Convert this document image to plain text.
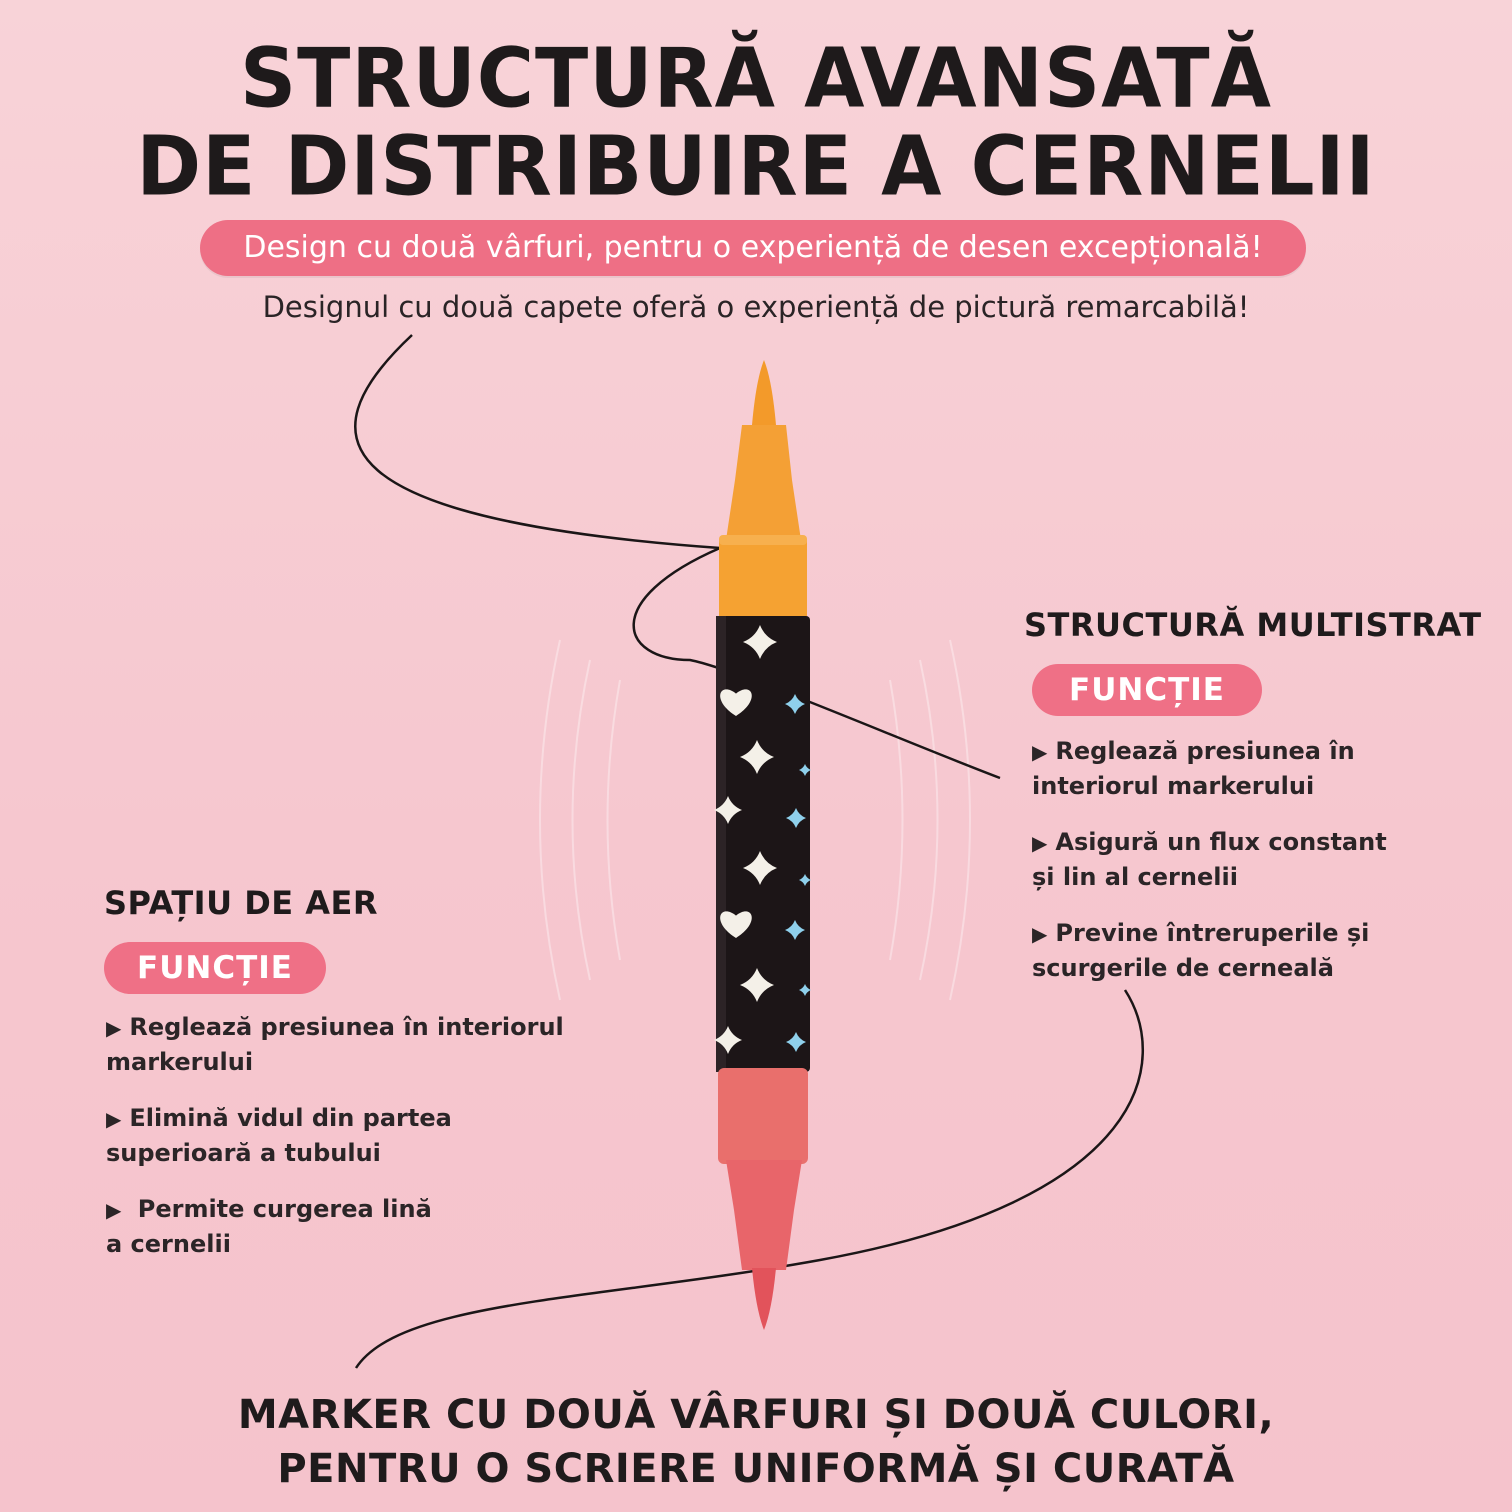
STRUCTURĂ AVANSATĂ
DE DISTRIBUIRE A CERNELII
Design cu două vârfuri, pentru o experiență de desen excepțională!
Designul cu două capete oferă o experiență de pictură remarcabilă!
STRUCTURĂ MULTISTRAT
FUNCȚIE
▶ Reglează presiunea în
interiorul markerului
▶ Asigură un flux constant
și lin al cernelii
▶ Previne întreruperile și
scurgerile de cerneală
SPAȚIU DE AER
FUNCȚIE
▶ Reglează presiunea în interiorul
markerului
▶ Elimină vidul din partea
superioară a tubului
▶ Permite curgerea lină
a cernelii
MARKER CU DOUĂ VÂRFURI ȘI DOUĂ CULORI,
PENTRU O SCRIERE UNIFORMĂ ȘI CURATĂ
